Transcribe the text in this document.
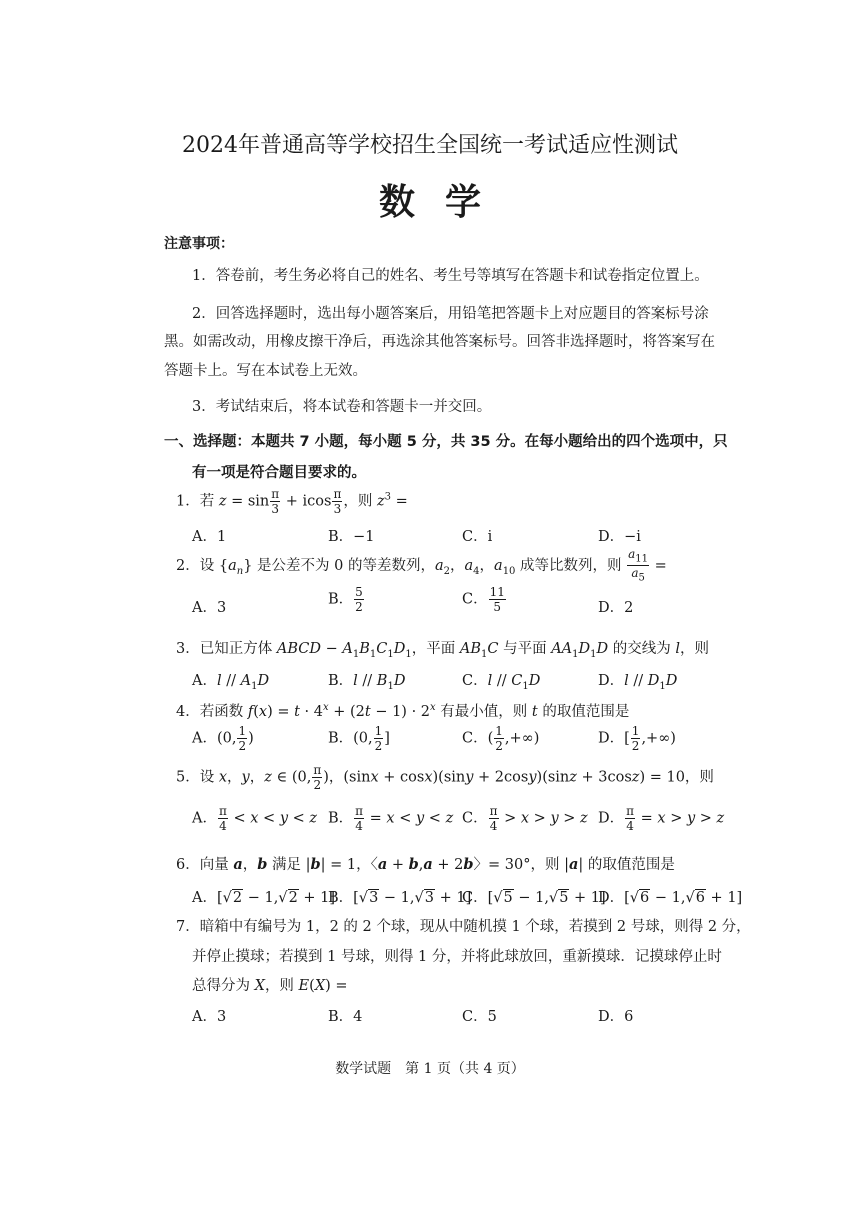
2024年普通高等学校招生全国统一考试适应性测试
数学
注意事项：
1．答卷前，考生务必将自己的姓名、考生号等填写在答题卡和试卷指定位置上。
2．回答选择题时，选出每小题答案后，用铅笔把答题卡上对应题目的答案标号涂
黑。如需改动，用橡皮擦干净后，再选涂其他答案标号。回答非选择题时，将答案写在
答题卡上。写在本试卷上无效。
3．考试结束后，将本试卷和答题卡一并交回。
一、选择题：本题共 7 小题，每小题 5 分，共 35 分。在每小题给出的四个选项中，只
有一项是符合题目要求的。
1．若 $z = \sin \frac{\pi}{3} + icos \frac{\pi}{3}$ ，则 $z^3$ =
A．1	B．−1	C．i	D．−i
2．设 $\{a_n\}$ 是公差不为 0 的等差数列，$a_2$，$a_4$，$a_{10}$ 成等比数列，则 $\frac{a_{11}}{a_5}$ =
A．3
B． $\frac{5}{2}$	C． $\frac{11}{5}$	D．2
3．已知正方体 ABCD − $A_1B_1C_1D_1$，平面 $AB_1C$ 与平面 $AA_1D_1D$ 的交线为 l，则
A．l // $A_1D$	B．l // $B_1D$	C．l // $C_1D$	D．l // $D_1D$
4．若函数 $f(x) = t \cdot 4^x + (2t - 1) \cdot 2^x$ 有最小值，则 t 的取值范围是
A．(0, $\frac{1}{2}$ )	B．(0, $\frac{1}{2}$ ]	C．( $\frac{1}{2}$ ,+∞)	D．[ $\frac{1}{2}$ ,+∞)
5．设 x，y，z ∈ (0, $\frac{\pi}{2}$ )，(sinx + cosx)(siny + 2cosy)(sinz + 3cosz) = 10，则
A． $\frac{\pi}{4} < x < y < z$ B． $\frac{\pi}{4} = x < y < z$ C． $\frac{\pi}{4} > x > y > z$ D． $\frac{\pi}{4} = x > y > z$
6．向量 a，b 满足 |b| = 1，〈a + b,a + 2b〉= 30°，则 |a| 的取值范围是
A．[√2 − 1,√2 + 1]
B．[√3 − 1,√3 + 1]
C．[√5 − 1,√5 + 1]
D．[√6 − 1,√6 + 1]
7．暗箱中有编号为 1，2 的 2 个球，现从中随机摸 1 个球，若摸到 2 号球，则得 2 分，
并停止摸球；若摸到 1 号球，则得 1 分，并将此球放回，重新摸球．记摸球停止时
总得分为 X，则 E(X) =
A．3	B．4	C．5	D．6
数学试题　第 1 页（共 4 页）
